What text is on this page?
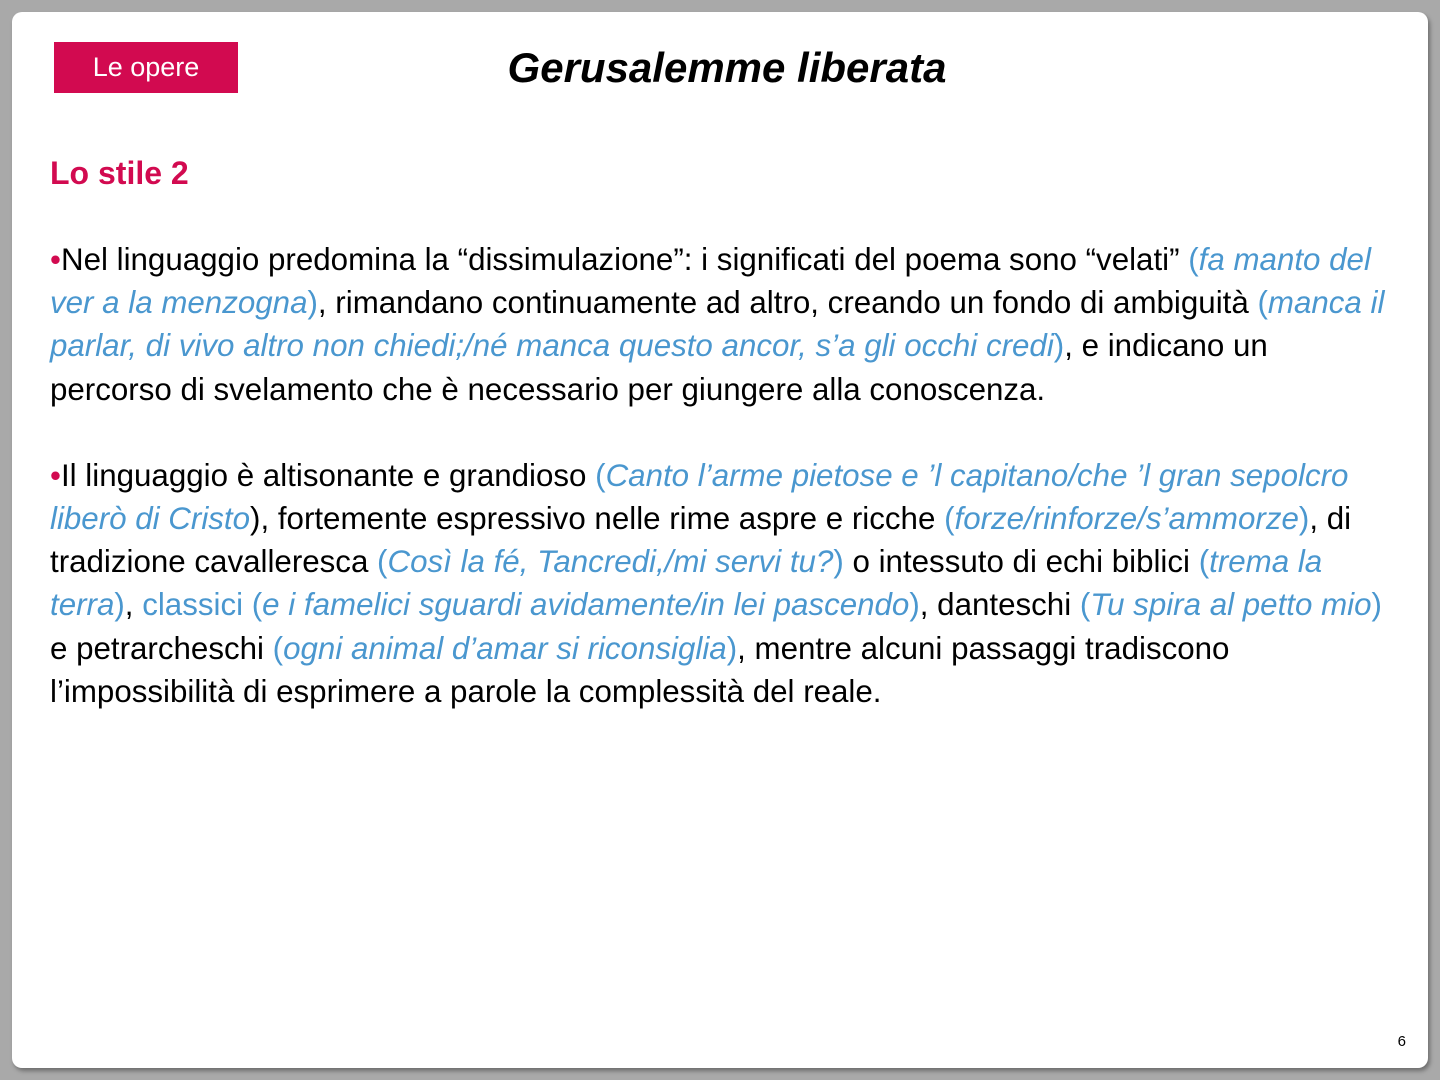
Le opere	Gerusalemme liberata
Lo stile 2

•Nel linguaggio predomina la “dissimulazione”: i significati del poema sono “velati” (fa manto del ver a la menzogna), rimandano continuamente ad altro, creando un fondo di ambiguità (manca il parlar, di vivo altro non chiedi;/né manca questo ancor, s’a gli occhi credi), e indicano un percorso di svelamento che è necessario per giungere alla conoscenza.

•Il linguaggio è altisonante e grandioso (Canto l’arme pietose e ’l capitano/che ’l gran sepolcro liberò di Cristo), fortemente espressivo nelle rime aspre e ricche (forze/rinforze/s’ammorze), di tradizione cavalleresca (Così la fé, Tancredi,/mi servi tu?) o intessuto di echi biblici (trema la terra), classici (e i famelici sguardi avidamente/in lei pascendo), danteschi (Tu spira al petto mio) e petrarcheschi (ogni animal d’amar si riconsiglia), mentre alcuni passaggi tradiscono l’impossibilità di esprimere a parole la complessità del reale.

6
